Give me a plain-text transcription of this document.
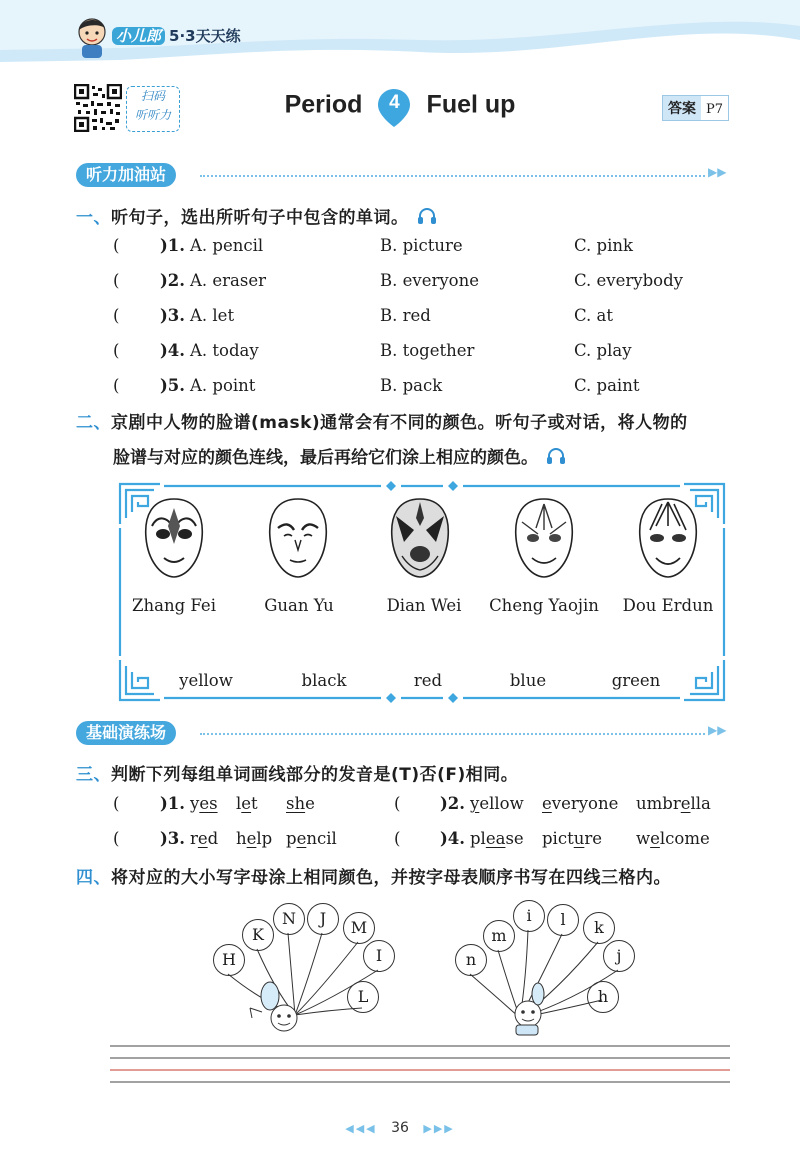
小儿郎 5·3天天练
扫码
听听力	Period	4	Fuel up	答案 P7
听力加油站	▶▶
一、听句子，选出所听句子中包含的单词。
( )1. A. pencil	B. picture	C. pink
( )2. A. eraser	B. everyone	C. everybody
( )3. A. let	B. red	C. at
( )4. A. today	B. together	C. play
( )5. A. point	B. pack	C. paint
二、京剧中人物的脸谱(mask)通常会有不同的颜色。听句子或对话，将人物的
脸谱与对应的颜色连线，最后再给它们涂上相应的颜色。
Zhang Fei	Guan Yu	Dian Wei	Cheng Yaojin	Dou Erdun
yellow	black	red	blue	green
基础演练场	▶▶
三、判断下列每组单词画线部分的发音是(T)否(F)相同。
( )1. yes let she	( )2. yellow everyone umbrella
( )3. red help pencil	( )4. please picture welcome
四、将对应的大小写字母涂上相同颜色，并按字母表顺序书写在四线三格内。
H
K
N	J	M
I
L
n
m
i	l	k
j
h
◀◀◀ 36 ▶▶▶
